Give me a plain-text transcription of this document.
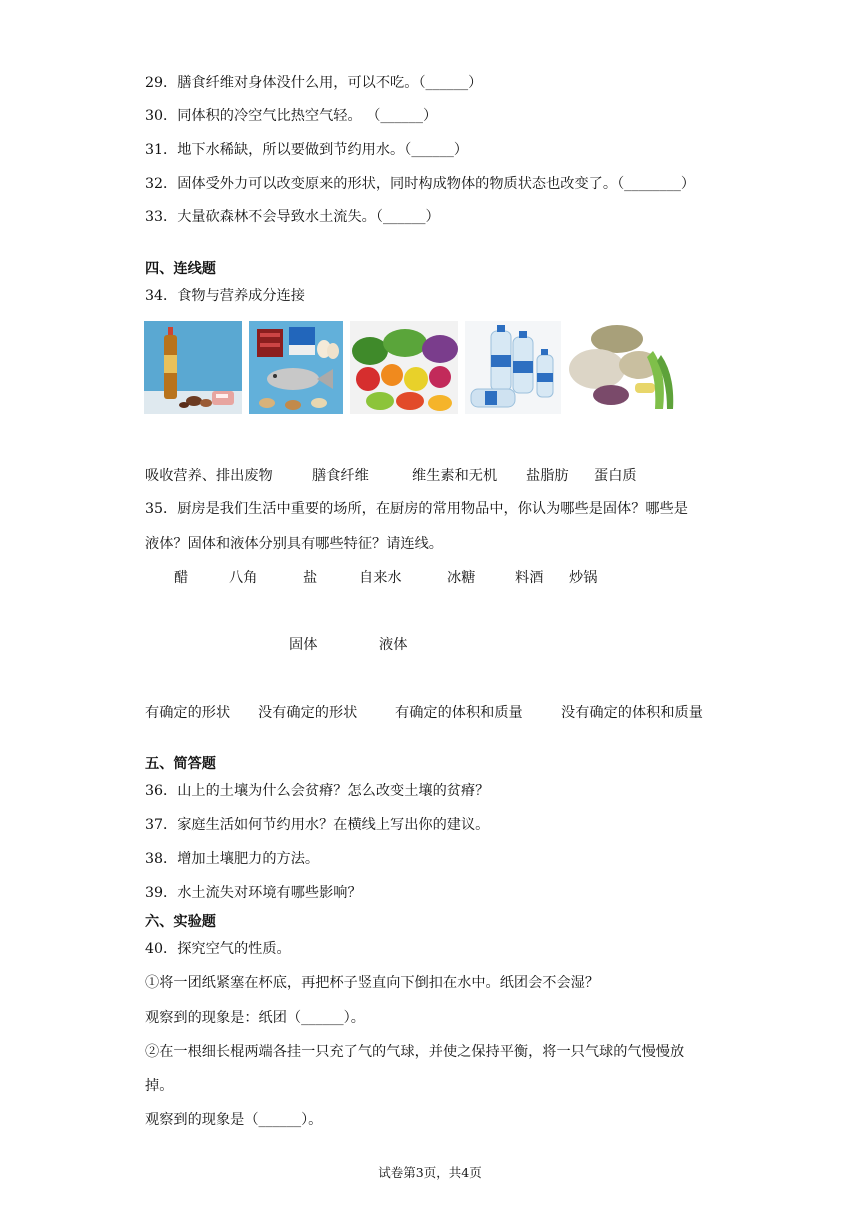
29．膳食纤维对身体没什么用，可以不吃。（______）
30．同体积的冷空气比热空气轻。 （______）
31．地下水稀缺，所以要做到节约用水。（______）
32．固体受外力可以改变原来的形状，同时构成物体的物质状态也改变了。（________）
33．大量砍森林不会导致水土流失。（______）
四、连线题
34．食物与营养成分连接
吸收营养、排出废物	膳食纤维	维生素和无机 盐脂肪 蛋白质
35．厨房是我们生活中重要的场所，在厨房的常用物品中，你认为哪些是固体？哪些是
液体？固体和液体分别具有哪些特征？请连线。
醋	八角	盐	自来水	冰糖	料酒 炒锅
固体	液体
有确定的形状 没有确定的形状	有确定的体积和质量	没有确定的体积和质量
五、简答题
36．山上的土壤为什么会贫瘠？怎么改变土壤的贫瘠？
37．家庭生活如何节约用水？在横线上写出你的建议。
38．增加土壤肥力的方法。
39．水土流失对环境有哪些影响？
六、实验题
40．探究空气的性质。
①将一团纸紧塞在杯底，再把杯子竖直向下倒扣在水中。纸团会不会湿？
观察到的现象是：纸团（______）。
②在一根细长棍两端各挂一只充了气的气球，并使之保持平衡，将一只气球的气慢慢放
掉。
观察到的现象是（______）。
试卷第3页，共4页
